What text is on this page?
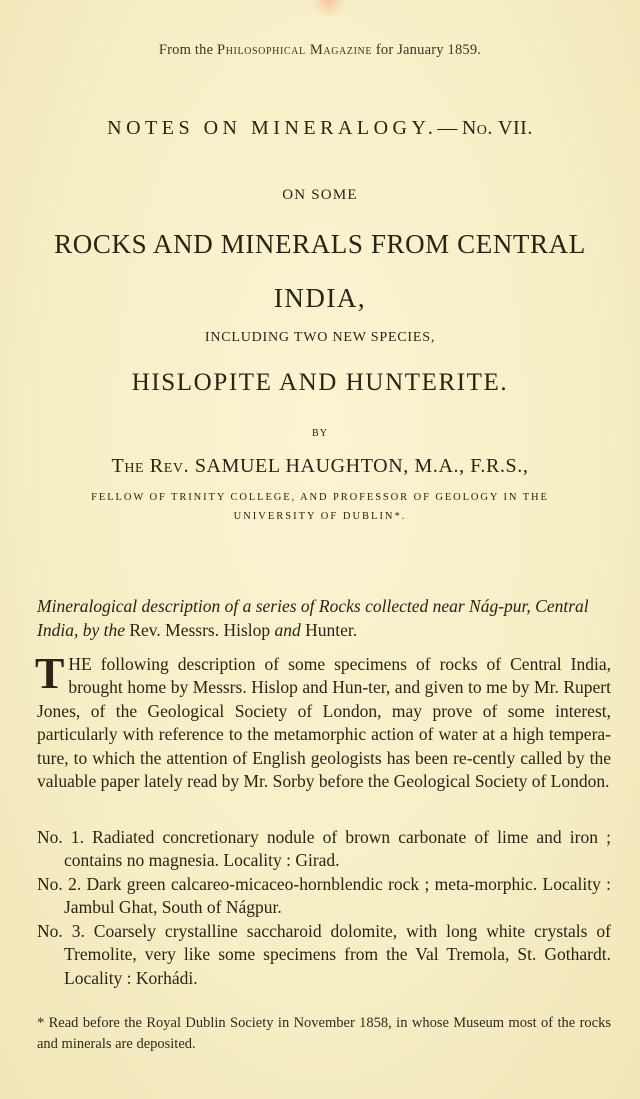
From the Philosophical Magazine for January 1859.
NOTES ON MINERALOGY.—No. VII.
ON SOME
ROCKS AND MINERALS FROM CENTRAL
INDIA,
INCLUDING TWO NEW SPECIES,
HISLOPITE AND HUNTERITE.
BY
The Rev. SAMUEL HAUGHTON, M.A., F.R.S.,
FELLOW OF TRINITY COLLEGE, AND PROFESSOR OF GEOLOGY IN THE
UNIVERSITY OF DUBLIN*.
Mineralogical description of a series of Rocks collected near Nág-pur, Central India, by the Rev. Messrs. Hislop and Hunter.
THE following description of some specimens of rocks of Central India, brought home by Messrs. Hislop and Hun-ter, and given to me by Mr. Rupert Jones, of the Geological Society of London, may prove of some interest, particularly with reference to the metamorphic action of water at a high tempera-ture, to which the attention of English geologists has been re-cently called by the valuable paper lately read by Mr. Sorby before the Geological Society of London.
No. 1. Radiated concretionary nodule of brown carbonate of lime and iron ; contains no magnesia. Locality : Girad.
No. 2. Dark green calcareo-micaceo-hornblendic rock ; meta-morphic. Locality : Jambul Ghat, South of Nágpur.
No. 3. Coarsely crystalline saccharoid dolomite, with long white crystals of Tremolite, very like some specimens from the Val Tremola, St. Gothardt. Locality : Korhádi.
* Read before the Royal Dublin Society in November 1858, in whose Museum most of the rocks and minerals are deposited.
